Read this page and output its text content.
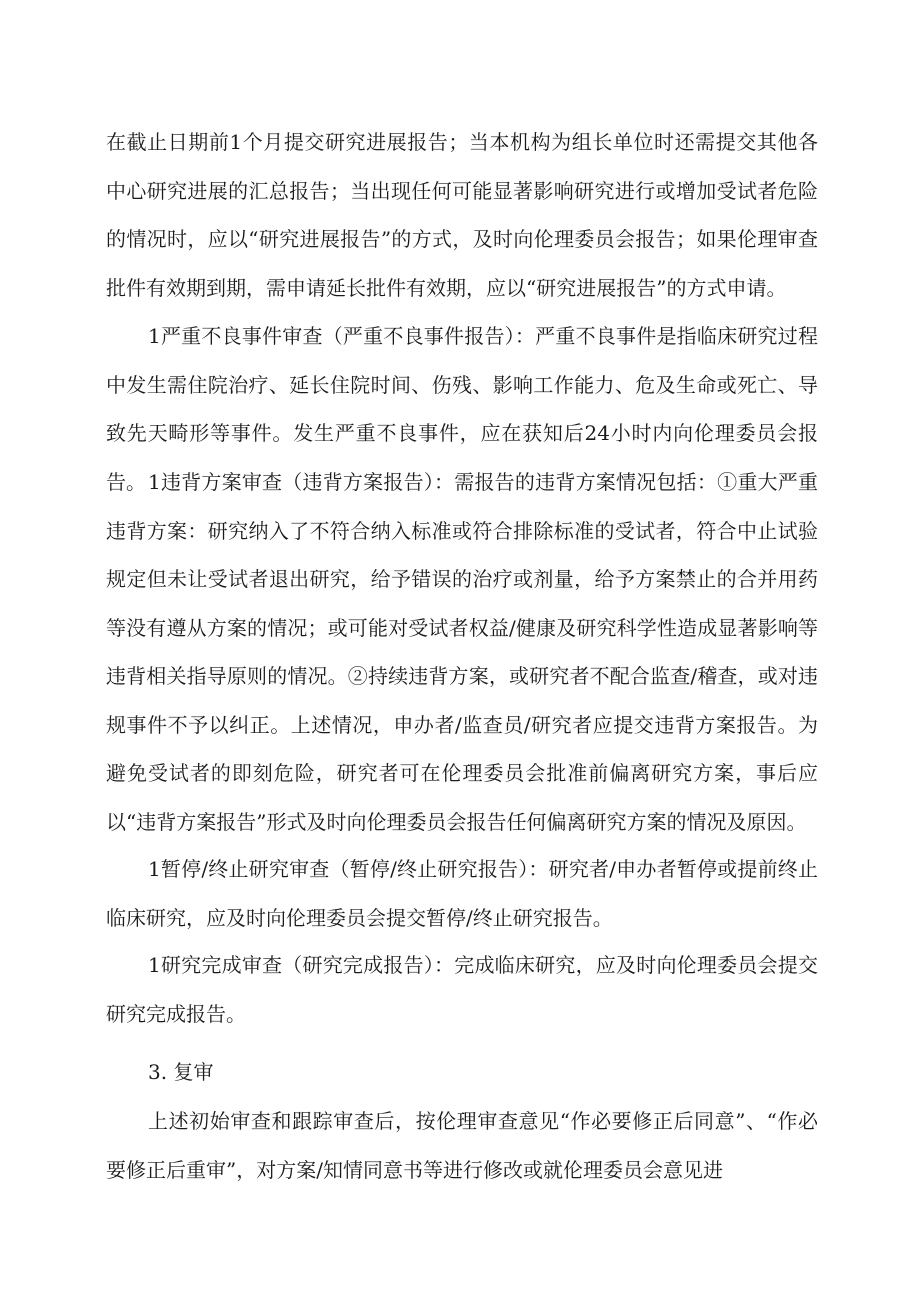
在截止日期前1个月提交研究进展报告；当本机构为组长单位时还需提交其他各中心研究进展的汇总报告；当出现任何可能显著影响研究进行或增加受试者危险的情况时，应以“研究进展报告”的方式，及时向伦理委员会报告；如果伦理审查批件有效期到期，需申请延长批件有效期，应以“研究进展报告”的方式申请。

1严重不良事件审查（严重不良事件报告）：严重不良事件是指临床研究过程中发生需住院治疗、延长住院时间、伤残、影响工作能力、危及生命或死亡、导致先天畸形等事件。发生严重不良事件，应在获知后24小时内向伦理委员会报告。 1违背方案审查（违背方案报告）：需报告的违背方案情况包括：①重大严重违背方案：研究纳入了不符合纳入标准或符合排除标准的受试者，符合中止试验规定但未让受试者退出研究，给予错误的治疗或剂量，给予方案禁止的合并用药等没有遵从方案的情况；或可能对受试者权益/健康及研究科学性造成显著影响等违背相关指导原则的情况。②持续违背方案，或研究者不配合监查/稽查，或对违规事件不予以纠正。上述情况，申办者/监查员/研究者应提交违背方案报告。为避免受试者的即刻危险，研究者可在伦理委员会批准前偏离研究方案，事后应以“违背方案报告”形式及时向伦理委员会报告任何偏离研究方案的情况及原因。

1暂停/终止研究审查（暂停/终止研究报告）：研究者/申办者暂停或提前终止临床研究，应及时向伦理委员会提交暂停/终止研究报告。

1研究完成审查（研究完成报告）：完成临床研究，应及时向伦理委员会提交研究完成报告。

3. 复审

上述初始审查和跟踪审查后，按伦理审查意见“作必要修正后同意”、“作必要修正后重审”，对方案/知情同意书等进行修改或就伦理委员会意见进
